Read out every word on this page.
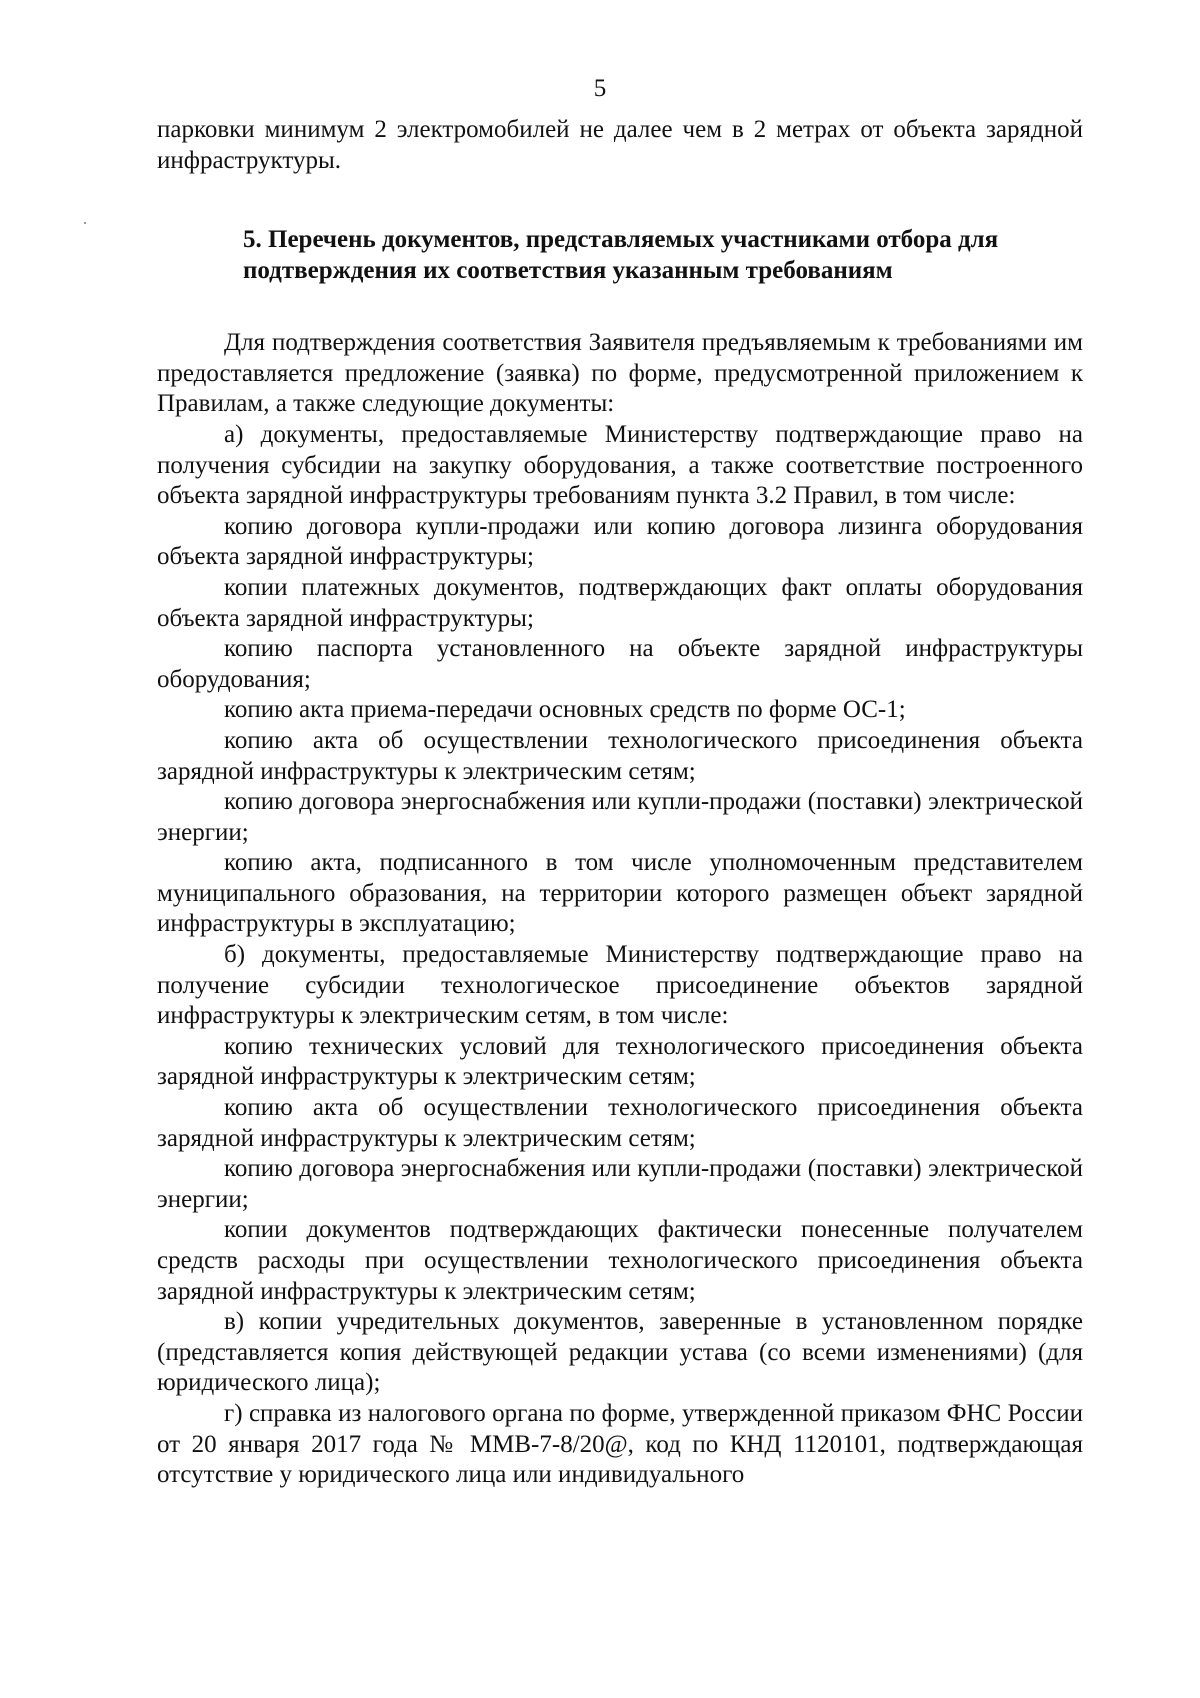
5

парковки минимум 2 электромобилей не далее чем в 2 метрах от объекта зарядной инфраструктуры.

5. Перечень документов, представляемых участниками отбора для
подтверждения их соответствия указанным требованиям

Для подтверждения соответствия Заявителя предъявляемым к требованиями им предоставляется предложение (заявка) по форме, предусмотренной приложением к Правилам, а также следующие документы:

а) документы, предоставляемые Министерству подтверждающие право на получения субсидии на закупку оборудования, а также соответствие построенного объекта зарядной инфраструктуры требованиям пункта 3.2 Правил, в том числе:

копию договора купли-продажи или копию договора лизинга оборудования объекта зарядной инфраструктуры;

копии платежных документов, подтверждающих факт оплаты оборудования объекта зарядной инфраструктуры;

копию паспорта установленного на объекте зарядной инфраструктуры оборудования;

копию акта приема-передачи основных средств по форме ОС-1;

копию акта об осуществлении технологического присоединения объекта зарядной инфраструктуры к электрическим сетям;

копию договора энергоснабжения или купли-продажи (поставки) электрической энергии;

копию акта, подписанного в том числе уполномоченным представителем муниципального образования, на территории которого размещен объект зарядной инфраструктуры в эксплуатацию;

б) документы, предоставляемые Министерству подтверждающие право на получение субсидии технологическое присоединение объектов зарядной инфраструктуры к электрическим сетям, в том числе:

копию технических условий для технологического присоединения объекта зарядной инфраструктуры к электрическим сетям;

копию акта об осуществлении технологического присоединения объекта зарядной инфраструктуры к электрическим сетям;

копию договора энергоснабжения или купли-продажи (поставки) электрической энергии;

копии документов подтверждающих фактически понесенные получателем средств расходы при осуществлении технологического присоединения объекта зарядной инфраструктуры к электрическим сетям;

в) копии учредительных документов, заверенные в установленном порядке (представляется копия действующей редакции устава (со всеми изменениями) (для юридического лица);

г) справка из налогового органа по форме, утвержденной приказом ФНС России от 20 января 2017 года № ММВ-7-8/20@, код по КНД 1120101, подтверждающая отсутствие у юридического лица или индивидуального
